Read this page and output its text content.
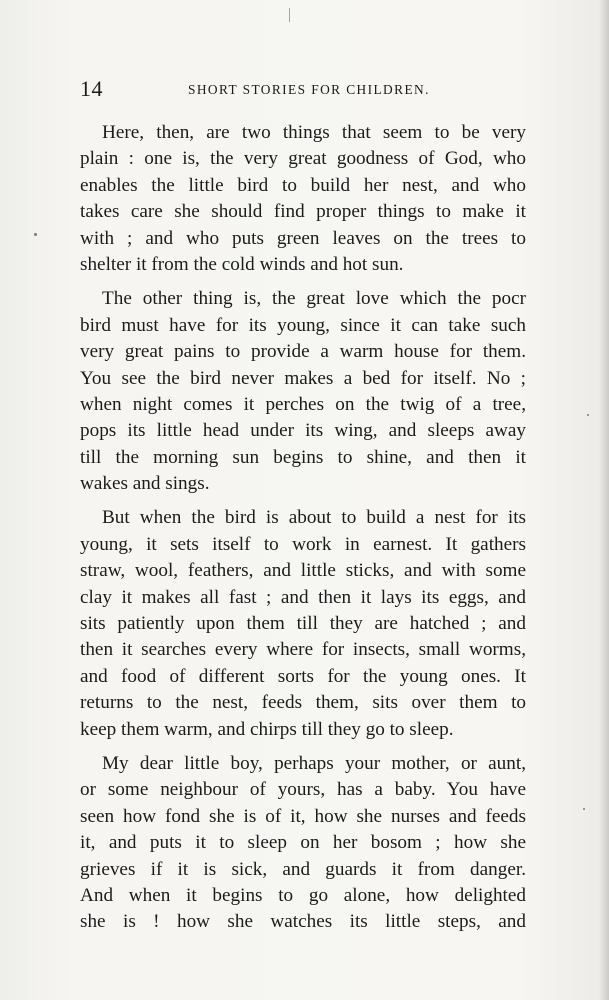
14	SHORT STORIES FOR CHILDREN.
Here, then, are two things that seem to be very
plain : one is, the very great goodness of God, who
enables the little bird to build her nest, and who
takes care she should find proper things to make it
with ; and who puts green leaves on the trees to
shelter it from the cold winds and hot sun.
The other thing is, the great love which the pocr
bird must have for its young, since it can take such
very great pains to provide a warm house for them.
You see the bird never makes a bed for itself. No ;
when night comes it perches on the twig of a tree,
pops its little head under its wing, and sleeps away
till the morning sun begins to shine, and then it
wakes and sings.
But when the bird is about to build a nest for its
young, it sets itself to work in earnest. It gathers
straw, wool, feathers, and little sticks, and with some
clay it makes all fast ; and then it lays its eggs, and
sits patiently upon them till they are hatched ; and
then it searches every where for insects, small worms,
and food of different sorts for the young ones. It
returns to the nest, feeds them, sits over them to
keep them warm, and chirps till they go to sleep.
My dear little boy, perhaps your mother, or aunt,
or some neighbour of yours, has a baby. You have
seen how fond she is of it, how she nurses and feeds
it, and puts it to sleep on her bosom ; how she
grieves if it is sick, and guards it from danger.
And when it begins to go alone, how delighted
she is ! how she watches its little steps, and
